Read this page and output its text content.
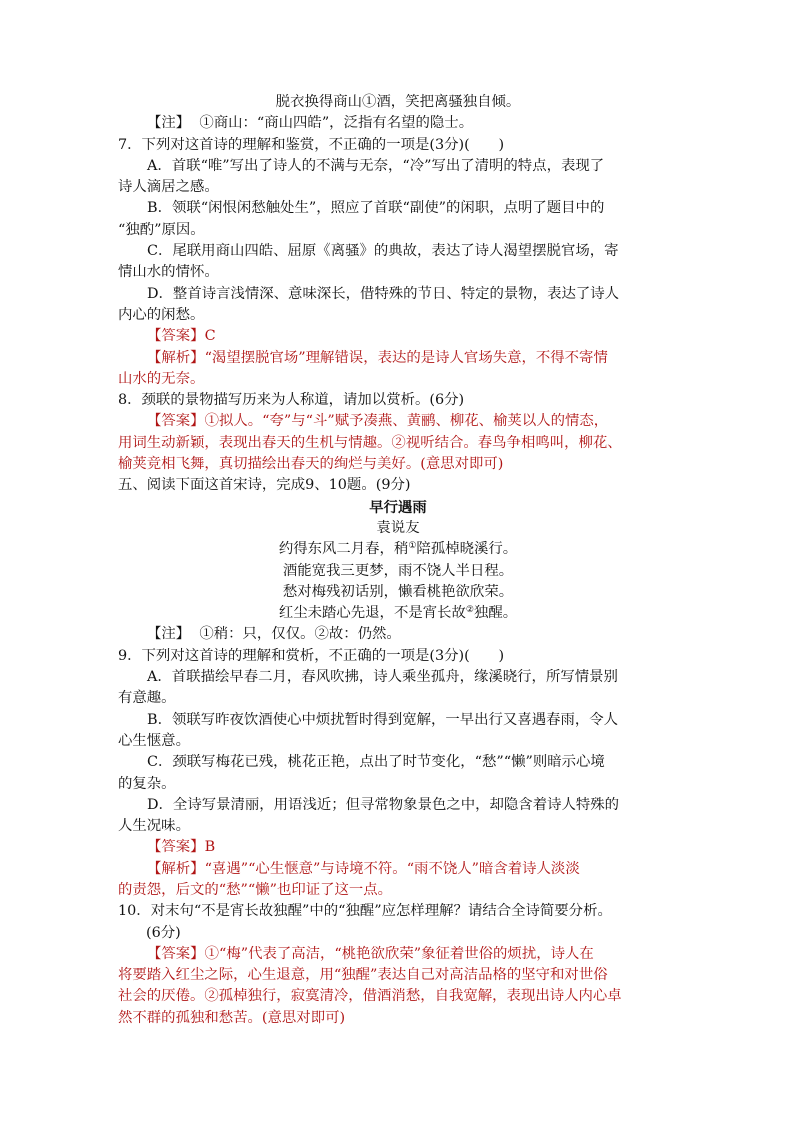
脱衣换得商山①酒，笑把离骚独自倾。
【注】 ①商山：“商山四皓”，泛指有名望的隐士。
7．下列对这首诗的理解和鉴赏，不正确的一项是(3分)(　　)
A．首联“唯”写出了诗人的不满与无奈，“冷”写出了清明的特点，表现了
诗人滴居之感。
B．领联“闲恨闲愁触处生”，照应了首联“副使”的闲职，点明了题目中的
“独酌”原因。
C．尾联用商山四皓、屈原《离骚》的典故，表达了诗人渴望摆脱官场，寄
情山水的情怀。
D．整首诗言浅情深、意味深长，借特殊的节日、特定的景物，表达了诗人
内心的闲愁。
【答案】C
【解析】“渴望摆脱官场”理解错误，表达的是诗人官场失意，不得不寄情
山水的无奈。
8．颈联的景物描写历来为人称道，请加以赏析。(6分)
【答案】①拟人。“夸”与“斗”赋予凑燕、黄鹂、柳花、榆荚以人的情态，
用词生动新颖，表现出春天的生机与情趣。②视听结合。春鸟争相鸣叫，柳花、
榆荚竞相飞舞，真切描绘出春天的绚烂与美好。(意思对即可)
五、阅读下面这首宋诗，完成9、10题。(9分)
早行遇雨
袁说友
约得东风二月春，稍①陪孤棹晓溪行。
酒能宽我三更梦，雨不饶人半日程。
愁对梅残初话别，懒看桃艳欲欣荣。
红尘未踏心先退，不是宵长故②独醒。
【注】 ①稍：只，仅仅。②故：仍然。
9．下列对这首诗的理解和赏析，不正确的一项是(3分)(　　)
A．首联描绘早春二月，春风吹拂，诗人乘坐孤舟，缘溪晓行，所写情景别
有意趣。
B．领联写昨夜饮酒使心中烦扰暂时得到宽解，一早出行又喜遇春雨，令人
心生惬意。
C．颈联写梅花已残，桃花正艳，点出了时节变化，“愁”“懒”则暗示心境
的复杂。
D．全诗写景清丽，用语浅近；但寻常物象景色之中，却隐含着诗人特殊的
人生况味。
【答案】B
【解析】“喜遇”“心生惬意”与诗境不符。“雨不饶人”暗含着诗人淡淡
的责怨，后文的“愁”“懒”也印证了这一点。
10．对末句“不是宵长故独醒”中的“独醒”应怎样理解？请结合全诗简要分析。
(6分)
【答案】①“梅”代表了高洁，“桃艳欲欣荣”象征着世俗的烦扰，诗人在
将要踏入红尘之际，心生退意，用“独醒”表达自己对高洁品格的坚守和对世俗
社会的厌倦。②孤棹独行，寂寞清冷，借酒消愁，自我宽解，表现出诗人内心卓
然不群的孤独和愁苦。(意思对即可)
